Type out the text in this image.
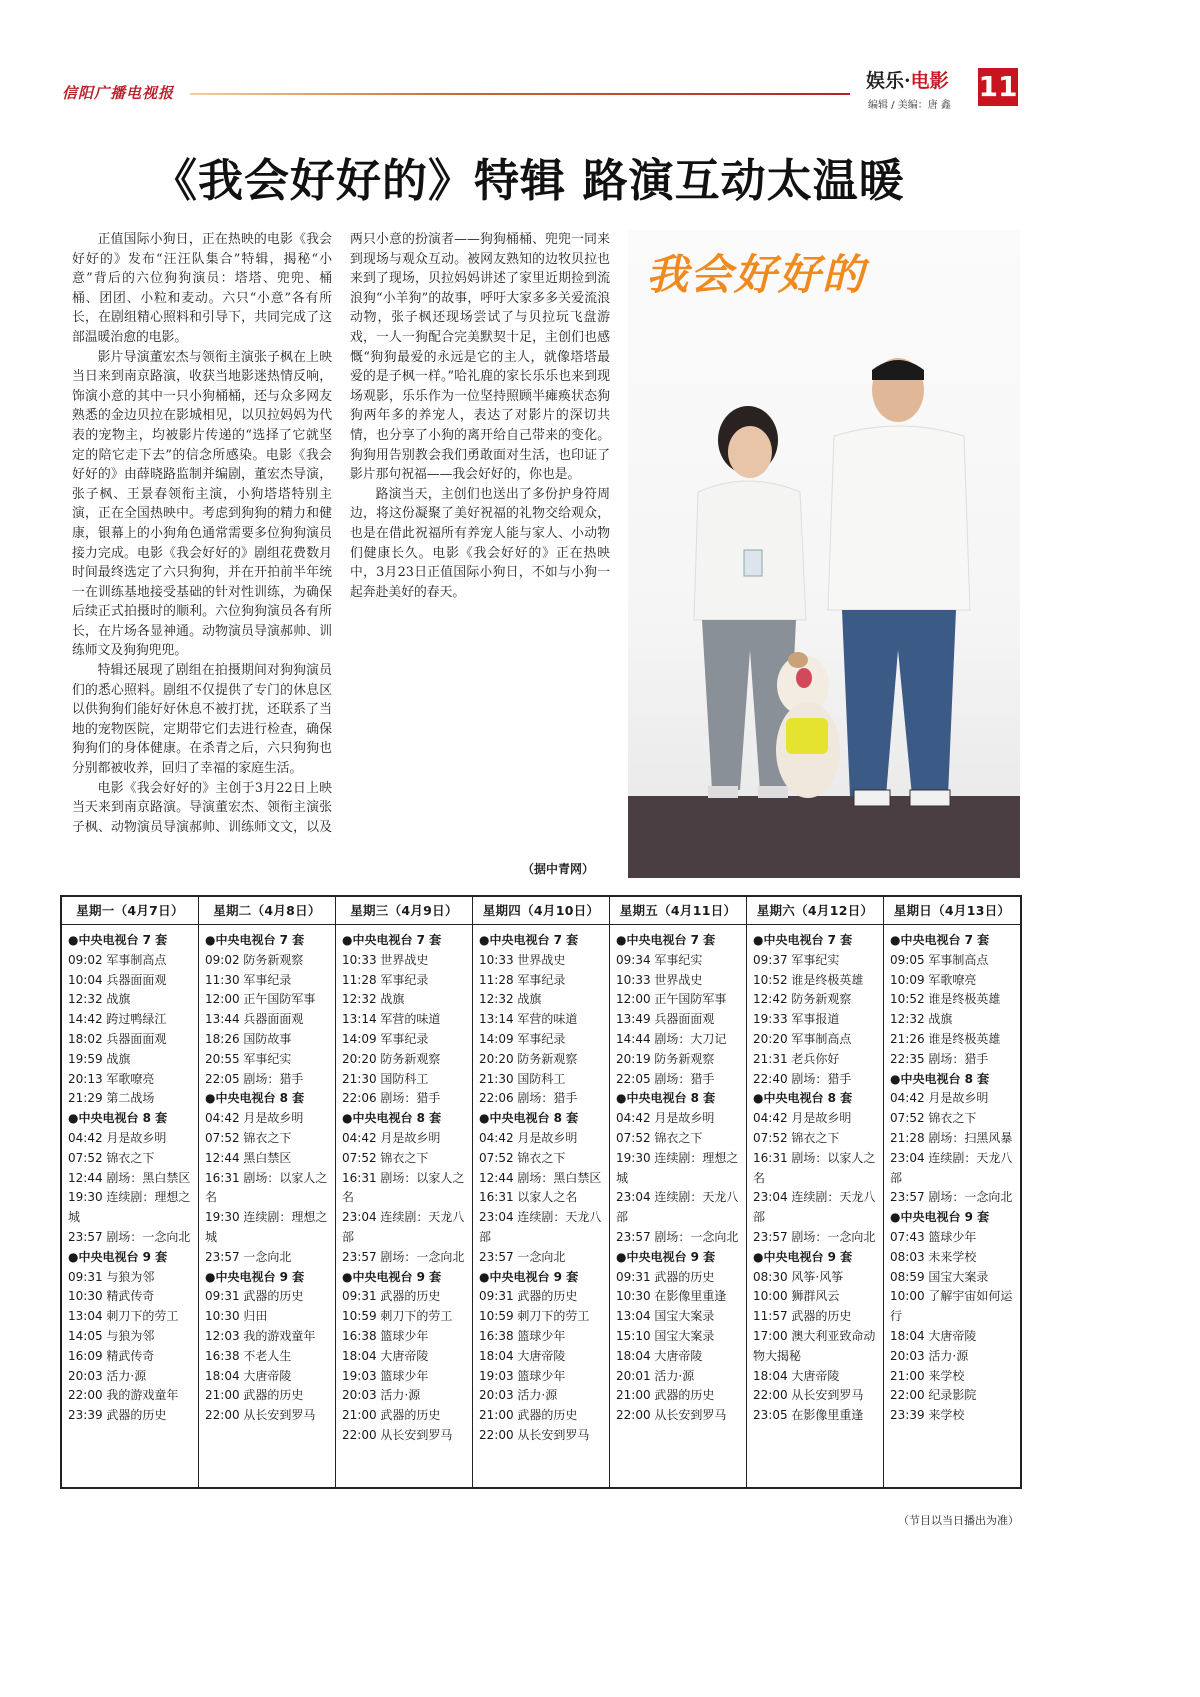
信阳广播电视报
娱乐·电影
编辑 / 美编：唐 鑫
11
《我会好好的》特辑 路演互动太温暖

正值国际小狗日，正在热映的电影《我会好好的》发布“汪汪队集合”特辑，揭秘“小意”背后的六位狗狗演员：塔塔、兜兜、桶桶、团团、小粒和麦动。六只“小意”各有所长，在剧组精心照料和引导下，共同完成了这部温暖治愈的电影。

影片导演董宏杰与领衔主演张子枫在上映当日来到南京路演，收获当地影迷热情反响，饰演小意的其中一只小狗桶桶，还与众多网友熟悉的金边贝拉在影城相见，以贝拉妈妈为代表的宠物主，均被影片传递的“选择了它就坚定的陪它走下去”的信念所感染。电影《我会好好的》由薛晓路监制并编剧，董宏杰导演，张子枫、王景春领衔主演，小狗塔塔特别主演，正在全国热映中。考虑到狗狗的精力和健康，银幕上的小狗角色通常需要多位狗狗演员接力完成。电影《我会好好的》剧组花费数月时间最终选定了六只狗狗，并在开拍前半年统一在训练基地接受基础的针对性训练，为确保后续正式拍摄时的顺利。六位狗狗演员各有所长，在片场各显神通。动物演员导演郝帅、训练师文及狗狗兜兜。

特辑还展现了剧组在拍摄期间对狗狗演员们的悉心照料。剧组不仅提供了专门的休息区以供狗狗们能好好休息不被打扰，还联系了当地的宠物医院，定期带它们去进行检查，确保狗狗们的身体健康。在杀青之后，六只狗狗也分别都被收养，回归了幸福的家庭生活。

电影《我会好好的》主创于3月22日上映当天来到南京路演。导演董宏杰、领衔主演张子枫、动物演员导演郝帅、训练师文文，以及两只小意的扮演者——狗狗桶桶、兜兜一同来到现场与观众互动。被网友熟知的边牧贝拉也来到了现场，贝拉妈妈讲述了家里近期捡到流浪狗“小羊狗”的故事，呼吁大家多多关爱流浪动物，张子枫还现场尝试了与贝拉玩飞盘游戏，一人一狗配合完美默契十足，主创们也感慨“狗狗最爱的永远是它的主人，就像塔塔最爱的是子枫一样。”哈礼鹿的家长乐乐也来到现场观影，乐乐作为一位坚持照顾半瘫痪状态狗狗两年多的养宠人，表达了对影片的深切共情，也分享了小狗的离开给自己带来的变化。狗狗用告别教会我们勇敢面对生活，也印证了影片那句祝福——我会好好的，你也是。

路演当天，主创们也送出了多份护身符周边，将这份凝聚了美好祝福的礼物交给观众，也是在借此祝福所有养宠人能与家人、小动物们健康长久。电影《我会好好的》正在热映中，3月23日正值国际小狗日，不如与小狗一起奔赴美好的春天。

（据中青网）
我会好好的
星期一（4月7日）
●中央电视台 7 套
09:02 军事制高点
10:04 兵器面面观
12:32 战旗
14:42 跨过鸭绿江
18:02 兵器面面观
19:59 战旗
20:13 军歌嘹亮
21:29 第二战场
●中央电视台 8 套
04:42 月是故乡明
07:52 锦衣之下
12:44 剧场：黑白禁区
19:30 连续剧：理想之城
23:57 剧场：一念向北
●中央电视台 9 套
09:31 与狼为邻
10:30 精武传奇
13:04 刺刀下的劳工
14:05 与狼为邻
16:09 精武传奇
20:03 活力·源
22:00 我的游戏童年
23:39 武器的历史
星期二（4月8日）
●中央电视台 7 套
09:02 防务新观察
11:30 军事纪录
12:00 正午国防军事
13:44 兵器面面观
18:26 国防故事
20:55 军事纪实
22:05 剧场：猎手
●中央电视台 8 套
04:42 月是故乡明
07:52 锦衣之下
12:44 黑白禁区
16:31 剧场：以家人之名
19:30 连续剧：理想之城
23:57 一念向北
●中央电视台 9 套
09:31 武器的历史
10:30 归田
12:03 我的游戏童年
16:38 不老人生
18:04 大唐帝陵
21:00 武器的历史
22:00 从长安到罗马
星期三（4月9日）
●中央电视台 7 套
10:33 世界战史
11:28 军事纪录
12:32 战旗
13:14 军营的味道
14:09 军事纪录
20:20 防务新观察
21:30 国防科工
22:06 剧场：猎手
●中央电视台 8 套
04:42 月是故乡明
07:52 锦衣之下
16:31 剧场：以家人之名
23:04 连续剧：天龙八部
23:57 剧场：一念向北
●中央电视台 9 套
09:31 武器的历史
10:59 刺刀下的劳工
16:38 篮球少年
18:04 大唐帝陵
19:03 篮球少年
20:03 活力·源
21:00 武器的历史
22:00 从长安到罗马
星期四（4月10日）
●中央电视台 7 套
10:33 世界战史
11:28 军事纪录
12:32 战旗
13:14 军营的味道
14:09 军事纪录
20:20 防务新观察
21:30 国防科工
22:06 剧场：猎手
●中央电视台 8 套
04:42 月是故乡明
07:52 锦衣之下
12:44 剧场：黑白禁区
16:31 以家人之名
23:04 连续剧：天龙八部
23:57 一念向北
●中央电视台 9 套
09:31 武器的历史
10:59 刺刀下的劳工
16:38 篮球少年
18:04 大唐帝陵
19:03 篮球少年
20:03 活力·源
21:00 武器的历史
22:00 从长安到罗马
星期五（4月11日）
●中央电视台 7 套
09:34 军事纪实
10:33 世界战史
12:00 正午国防军事
13:49 兵器面面观
14:44 剧场：大刀记
20:19 防务新观察
22:05 剧场：猎手
●中央电视台 8 套
04:42 月是故乡明
07:52 锦衣之下
19:30 连续剧：理想之城
23:04 连续剧：天龙八部
23:57 剧场：一念向北
●中央电视台 9 套
09:31 武器的历史
10:30 在影像里重逢
13:04 国宝大案录
15:10 国宝大案录
18:04 大唐帝陵
20:01 活力·源
21:00 武器的历史
22:00 从长安到罗马
星期六（4月12日）
●中央电视台 7 套
09:37 军事纪实
10:52 谁是终极英雄
12:42 防务新观察
19:33 军事报道
20:20 军事制高点
21:31 老兵你好
22:40 剧场：猎手
●中央电视台 8 套
04:42 月是故乡明
07:52 锦衣之下
16:31 剧场：以家人之名
23:04 连续剧：天龙八部
23:57 剧场：一念向北
●中央电视台 9 套
08:30 风筝·风筝
10:00 狮群风云
11:57 武器的历史
17:00 澳大利亚致命动物大揭秘
18:04 大唐帝陵
22:00 从长安到罗马
23:05 在影像里重逢
星期日（4月13日）
●中央电视台 7 套
09:05 军事制高点
10:09 军歌嘹亮
10:52 谁是终极英雄
12:32 战旗
21:26 谁是终极英雄
22:35 剧场：猎手
●中央电视台 8 套
04:42 月是故乡明
07:52 锦衣之下
21:28 剧场：扫黑风暴
23:04 连续剧：天龙八部
23:57 剧场：一念向北
●中央电视台 9 套
07:43 篮球少年
08:03 未来学校
08:59 国宝大案录
10:00 了解宇宙如何运行
18:04 大唐帝陵
20:03 活力·源
21:00 来学校
22:00 纪录影院
23:39 来学校
（节目以当日播出为准）
